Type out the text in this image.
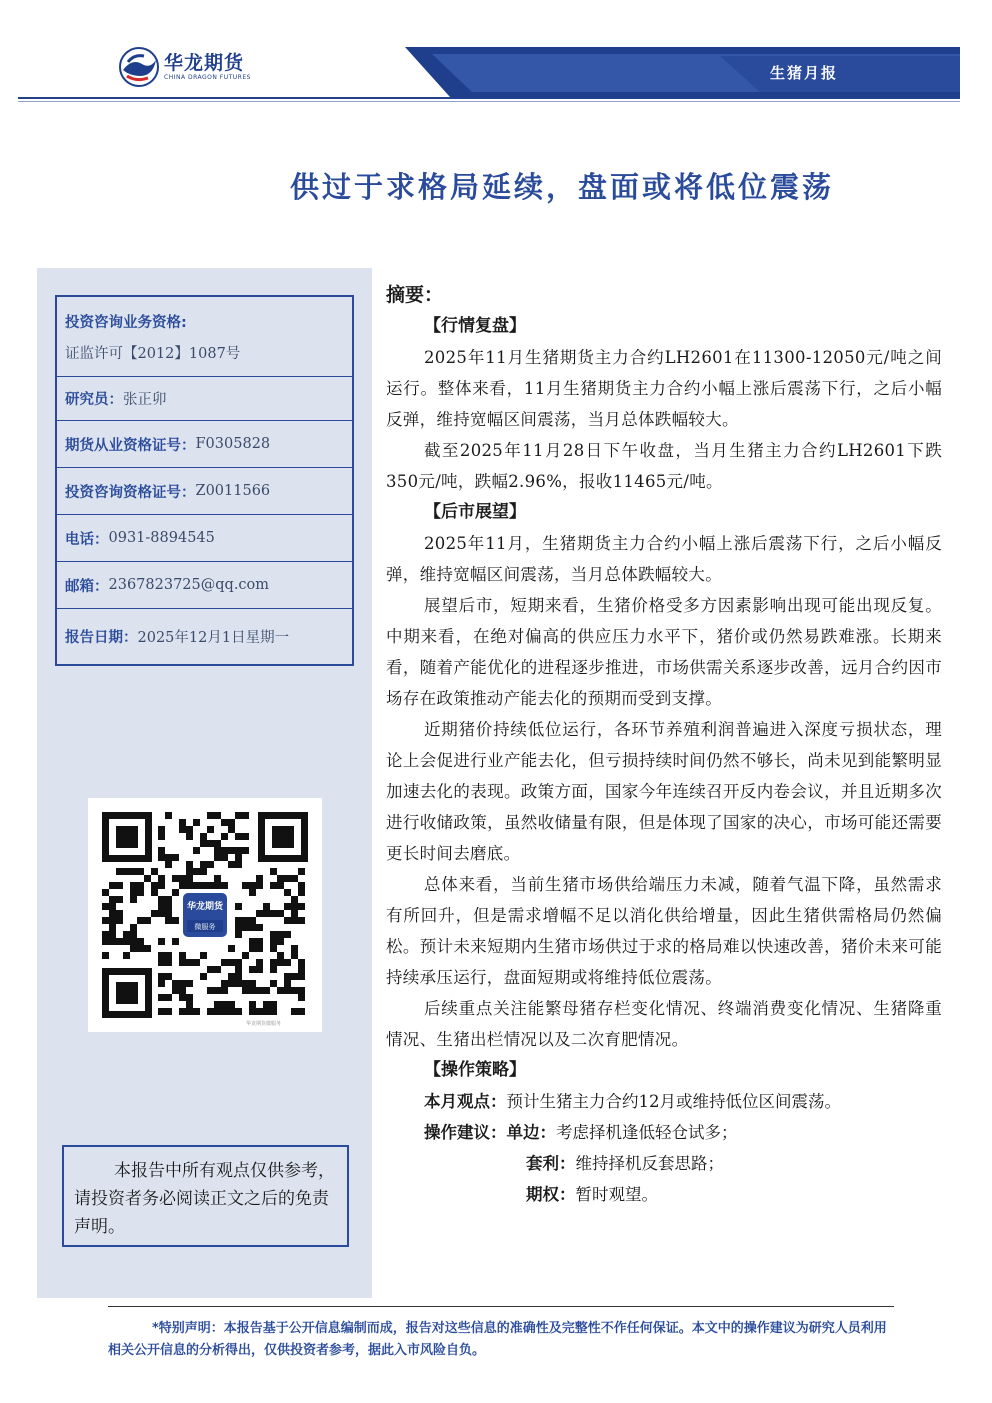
生猪月报
华龙期货
CHINA DRAGON FUTURES
供过于求格局延续，盘面或将低位震荡
投资咨询业务资格:
证监许可【2012】1087号
研究员： 张正卯
期货从业资格证号： F0305828
投资咨询资格证号： Z0011566
电话： 0931-8894545
邮箱： 2367823725@qq.com
报告日期： 2025年12月1日星期一
华龙期货
微服务
华龙期货微服务
本报告中所有观点仅供参考，请投资者务必阅读正文之后的免责声明。
摘要：
【行情复盘】

2025年11月生猪期货主力合约LH2601在11300-12050元/吨之间运行。整体来看，11月生猪期货主力合约小幅上涨后震荡下行，之后小幅反弹，维持宽幅区间震荡，当月总体跌幅较大。

截至2025年11月28日下午收盘，当月生猪主力合约LH2601下跌350元/吨，跌幅2.96%，报收11465元/吨。

【后市展望】

2025年11月，生猪期货主力合约小幅上涨后震荡下行，之后小幅反弹，维持宽幅区间震荡，当月总体跌幅较大。

展望后市，短期来看，生猪价格受多方因素影响出现可能出现反复。中期来看，在绝对偏高的供应压力水平下，猪价或仍然易跌难涨。长期来看，随着产能优化的进程逐步推进，市场供需关系逐步改善，远月合约因市场存在政策推动产能去化的预期而受到支撑。

近期猪价持续低位运行，各环节养殖利润普遍进入深度亏损状态，理论上会促进行业产能去化，但亏损持续时间仍然不够长，尚未见到能繁明显加速去化的表现。政策方面，国家今年连续召开反内卷会议，并且近期多次进行收储政策，虽然收储量有限，但是体现了国家的决心，市场可能还需要更长时间去磨底。

总体来看，当前生猪市场供给端压力未减，随着气温下降，虽然需求有所回升，但是需求增幅不足以消化供给增量，因此生猪供需格局仍然偏松。预计未来短期内生猪市场供过于求的格局难以快速改善，猪价未来可能持续承压运行，盘面短期或将维持低位震荡。

后续重点关注能繁母猪存栏变化情况、终端消费变化情况、生猪降重情况、生猪出栏情况以及二次育肥情况。

【操作策略】
本月观点：预计生猪主力合约12月或维持低位区间震荡。
操作建议：单边：考虑择机逢低轻仓试多；
套利：维持择机反套思路；
期权：暂时观望。
*特别声明：本报告基于公开信息编制而成，报告对这些信息的准确性及完整性不作任何保证。本文中的操作建议为研究人员利用相关公开信息的分析得出，仅供投资者参考，据此入市风险自负。
